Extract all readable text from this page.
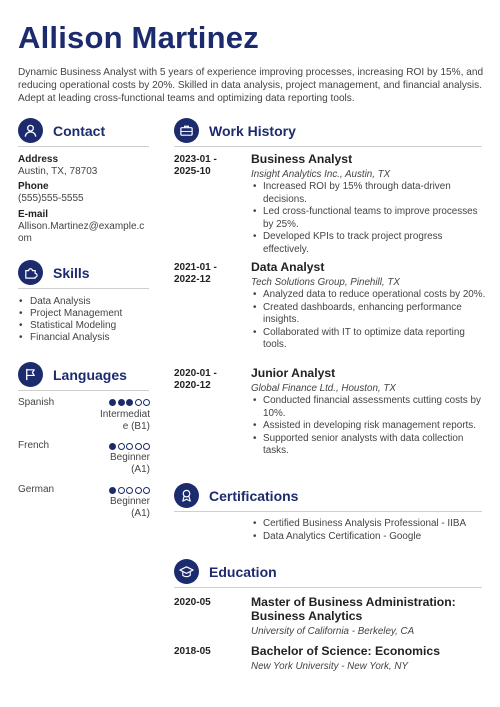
Allison Martinez
Dynamic Business Analyst with 5 years of experience improving processes, increasing ROI by 15%, and reducing operational costs by 20%. Skilled in data analysis, project management, and financial analysis. Adept at leading cross-functional teams and optimizing data reporting tools.
Contact
Address
Austin, TX, 78703
Phone
(555)555-5555
E-mail
Allison.Martinez@example.c
om
Skills
• Data Analysis
• Project Management
• Statistical Modeling
• Financial Analysis
Languages
Spanish
Intermediat
e (B1)
French
Beginner
(A1)
German
Beginner
(A1)
Work History
2023-01 -
2025-10
Business Analyst
Insight Analytics Inc., Austin, TX
• Increased ROI by 15% through data-driven decisions.
• Led cross-functional teams to improve processes by 25%.
• Developed KPIs to track project progress effectively.
2021-01 -
2022-12
Data Analyst
Tech Solutions Group, Pinehill, TX
• Analyzed data to reduce operational costs by 20%.
• Created dashboards, enhancing performance insights.
• Collaborated with IT to optimize data reporting tools.
2020-01 -
2020-12
Junior Analyst
Global Finance Ltd., Houston, TX
• Conducted financial assessments cutting costs by 10%.
• Assisted in developing risk management reports.
• Supported senior analysts with data collection tasks.
Certifications
• Certified Business Analysis Professional - IIBA
• Data Analytics Certification - Google
Education
2020-05	Master of Business Administration:
Business Analytics
University of California - Berkeley, CA
2018-05	Bachelor of Science: Economics
New York University - New York, NY
